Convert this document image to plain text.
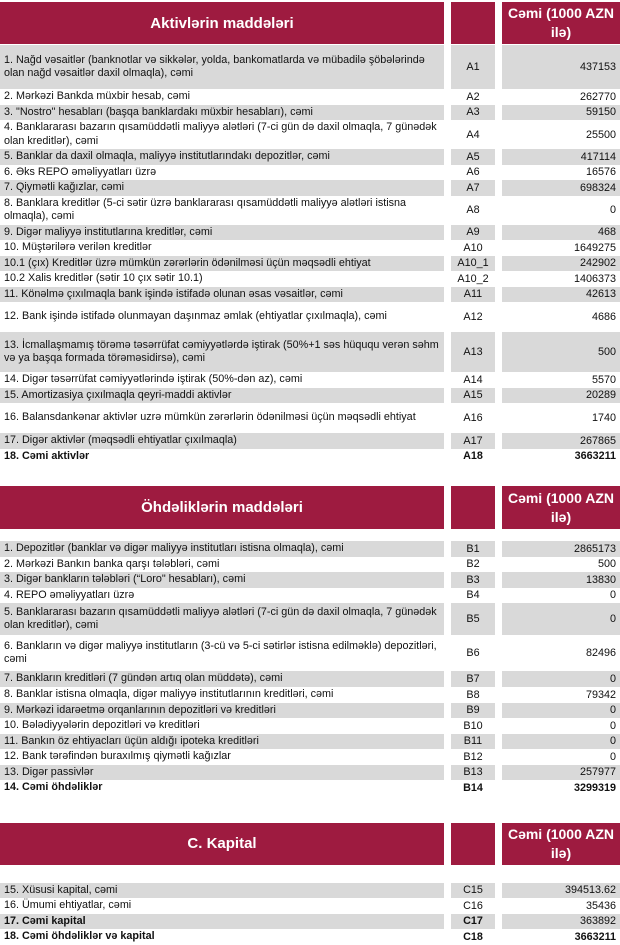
Aktivlərin maddələri
Cəmi (1000 AZN ilə)
1. Nağd vəsaitlər (banknotlar və sikkələr, yolda, bankomatlarda və mübadilə şöbələrində olan nağd vəsaitlər daxil olmaqla), cəmi	A1	437153
2. Mərkəzi Bankda müxbir hesab, cəmi	A2	262770
3. "Nostro" hesabları (başqa banklardakı müxbir hesabları), cəmi	A3	59150
4. Banklararası bazarın qısamüddətli maliyyə alətləri (7-ci gün də daxil olmaqla, 7 günədək olan kreditlər), cəmi	A4	25500
5. Banklar da daxil olmaqla, maliyyə institutlarındakı depozitlər, cəmi	A5	417114
6. Əks REPO əməliyyatları üzrə	A6	16576
7. Qiymətli kağızlar, cəmi	A7	698324
8. Banklara kreditlər (5-ci sətir üzrə banklararası qısamüddətli maliyyə alətləri istisna olmaqla), cəmi	A8	0
9. Digər maliyyə institutlarına kreditlər, cəmi	A9	468
10. Müştərilərə verilən kreditlər	A10	1649275
10.1 (çıx) Kreditlər üzrə mümkün zərərlərin ödənilməsi üçün məqsədli ehtiyat	A10_1	242902
10.2 Xalis kreditlər (sətir 10 çıx sətir 10.1)	A10_2	1406373
11. Könəlmə çıxılmaqla bank işində istifadə olunan əsas vəsaitlər, cəmi	A11	42613
12. Bank işində istifadə olunmayan daşınmaz əmlak (ehtiyatlar çıxılmaqla), cəmi	A12	4686
13. İcmallaşmamış törəmə təsərrüfat cəmiyyətlərdə iştirak (50%+1 səs hüququ verən səhm və ya başqa formada törəməsidirsə), cəmi	A13	500
14. Digər təsərrüfat cəmiyyətlərində iştirak (50%-dən az), cəmi	A14	5570
15. Amortizasiya çıxılmaqla qeyri-maddi aktivlər	A15	20289
16. Balansdankənar aktivlər uzrə mümkün zərərlərin ödənilməsi üçün məqsədli ehtiyat	A16	1740
17. Digər aktivlər (məqsədli ehtiyatlar çıxılmaqla)	A17	267865
18. Cəmi aktivlər	A18	3663211
Öhdəliklərin maddələri
Cəmi (1000 AZN ilə)
1. Depozitlər (banklar və digər maliyyə institutları istisna olmaqla), cəmi	B1	2865173
2. Mərkəzi Bankın banka qarşı tələbləri, cəmi	B2	500
3. Digər bankların tələbləri (“Loro" hesabları), cəmi	B3	13830
4. REPO əməliyyatları üzrə	B4	0
5. Banklararası bazarın qısamüddətli maliyyə alətləri (7-ci gün də daxil olmaqla, 7 günədək olan kreditlər), cəmi	B5	0
6. Bankların və digər maliyyə institutların (3-cü və 5-ci sətirlər istisna edilməklə) depozitləri, cəmi	B6	82496
7. Bankların kreditləri (7 gündən artıq olan müddətə), cəmi	B7	0
8. Banklar istisna olmaqla, digər maliyyə institutlarının kreditləri, cəmi	B8	79342
9. Mərkəzi idarəetmə orqanlarının depozitləri və kreditləri	B9	0
10. Bələdiyyələrin depozitləri və kreditləri	B10	0
11. Bankın öz ehtiyacları üçün aldığı ipoteka kreditləri	B11	0
12. Bank tərəfindən buraxılmış qiymətli kağızlar	B12	0
13. Digər passivlər	B13	257977
14. Cəmi öhdəliklər	B14	3299319
C. Kapital
Cəmi (1000 AZN ilə)
15. Xüsusi kapital, cəmi	C15	394513.62
16. Ümumi ehtiyatlar, cəmi	C16	35436
17. Cəmi kapital	C17	363892
18. Cəmi öhdəliklər və kapital	C18	3663211
